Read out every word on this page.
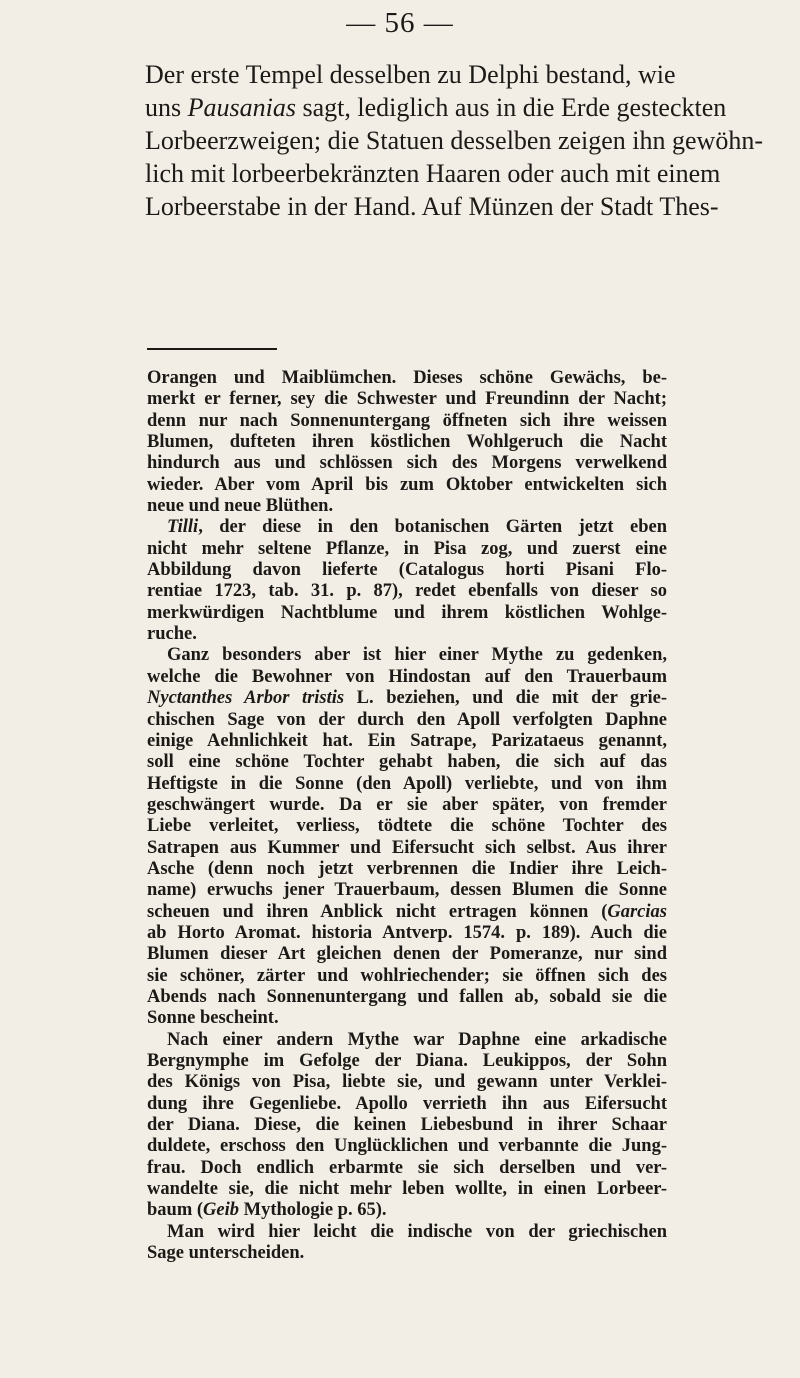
— 56 —
Der erste Tempel desselben zu Delphi bestand, wie
uns Pausanias sagt, lediglich aus in die Erde gesteckten
Lorbeerzweigen; die Statuen desselben zeigen ihn gewöhn-
lich mit lorbeerbekränzten Haaren oder auch mit einem
Lorbeerstabe in der Hand. Auf Münzen der Stadt Thes-
Orangen und Maiblümchen. Dieses schöne Gewächs, be-
merkt er ferner, sey die Schwester und Freundinn der Nacht;
denn nur nach Sonnenuntergang öffneten sich ihre weissen
Blumen, dufteten ihren köstlichen Wohlgeruch die Nacht
hindurch aus und schlössen sich des Morgens verwelkend
wieder. Aber vom April bis zum Oktober entwickelten sich
neue und neue Blüthen.
Tilli, der diese in den botanischen Gärten jetzt eben
nicht mehr seltene Pflanze, in Pisa zog, und zuerst eine
Abbildung davon lieferte (Catalogus horti Pisani Flo-
rentiae 1723, tab. 31. p. 87), redet ebenfalls von dieser so
merkwürdigen Nachtblume und ihrem köstlichen Wohlge-
ruche.
Ganz besonders aber ist hier einer Mythe zu gedenken,
welche die Bewohner von Hindostan auf den Trauerbaum
Nyctanthes Arbor tristis L. beziehen, und die mit der grie-
chischen Sage von der durch den Apoll verfolgten Daphne
einige Aehnlichkeit hat. Ein Satrape, Parizataeus genannt,
soll eine schöne Tochter gehabt haben, die sich auf das
Heftigste in die Sonne (den Apoll) verliebte, und von ihm
geschwängert wurde. Da er sie aber später, von fremder
Liebe verleitet, verliess, tödtete die schöne Tochter des
Satrapen aus Kummer und Eifersucht sich selbst. Aus ihrer
Asche (denn noch jetzt verbrennen die Indier ihre Leich-
name) erwuchs jener Trauerbaum, dessen Blumen die Sonne
scheuen und ihren Anblick nicht ertragen können (Garcias
ab Horto Aromat. historia Antverp. 1574. p. 189). Auch die
Blumen dieser Art gleichen denen der Pomeranze, nur sind
sie schöner, zärter und wohlriechender; sie öffnen sich des
Abends nach Sonnenuntergang und fallen ab, sobald sie die
Sonne bescheint.
Nach einer andern Mythe war Daphne eine arkadische
Bergnymphe im Gefolge der Diana. Leukippos, der Sohn
des Königs von Pisa, liebte sie, und gewann unter Verklei-
dung ihre Gegenliebe. Apollo verrieth ihn aus Eifersucht
der Diana. Diese, die keinen Liebesbund in ihrer Schaar
duldete, erschoss den Unglücklichen und verbannte die Jung-
frau. Doch endlich erbarmte sie sich derselben und ver-
wandelte sie, die nicht mehr leben wollte, in einen Lorbeer-
baum (Geib Mythologie p. 65).
Man wird hier leicht die indische von der griechischen
Sage unterscheiden.
